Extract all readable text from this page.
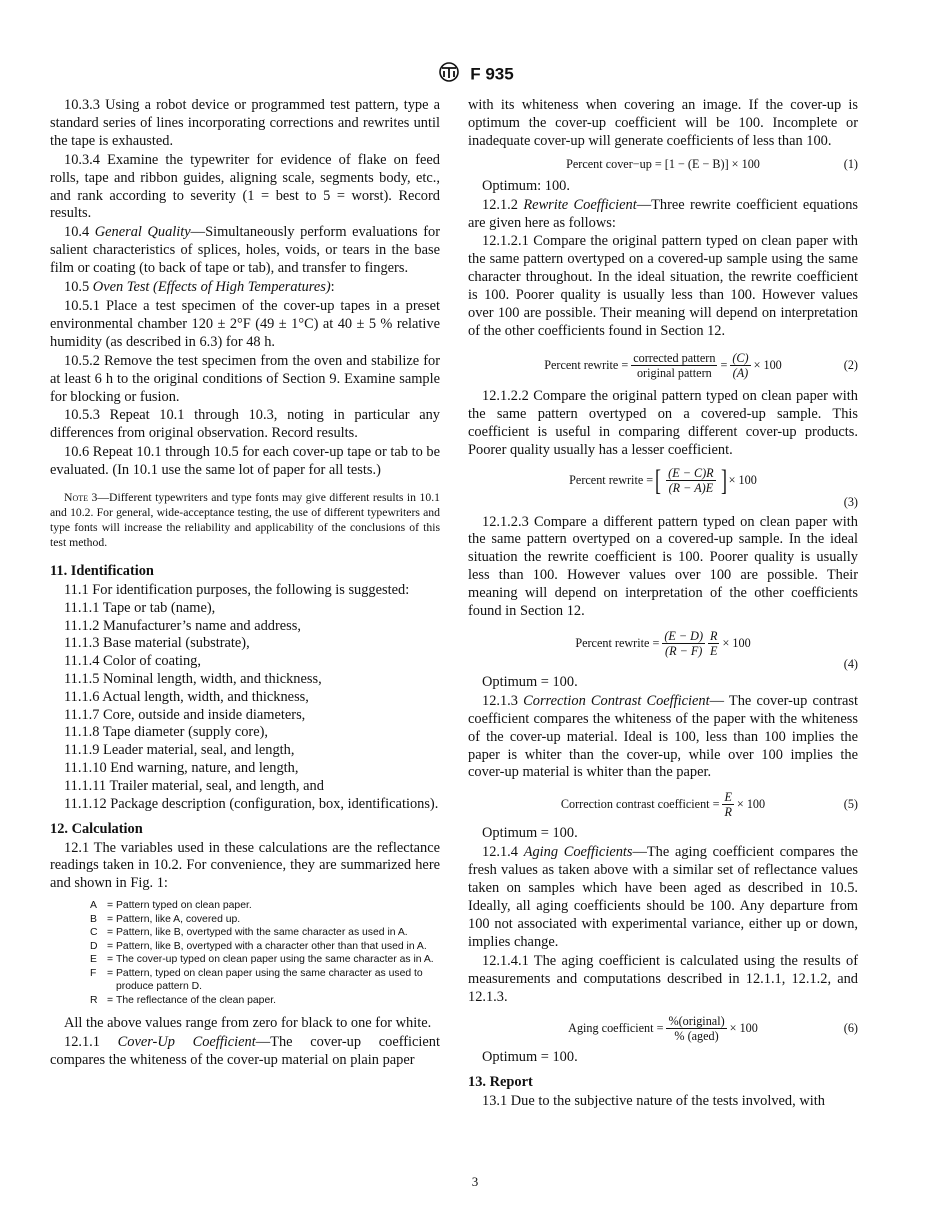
F 935

10.3.3 Using a robot device or programmed test pattern, type a standard series of lines incorporating corrections and rewrites until the tape is exhausted.

10.3.4 Examine the typewriter for evidence of flake on feed rolls, tape and ribbon guides, aligning scale, segments body, etc., and rank according to severity (1 = best to 5 = worst). Record results.

10.4 General Quality—Simultaneously perform evaluations for salient characteristics of splices, holes, voids, or tears in the base film or coating (to back of tape or tab), and transfer to fingers.

10.5 Oven Test (Effects of High Temperatures):

10.5.1 Place a test specimen of the cover-up tapes in a preset environmental chamber 120 ± 2°F (49 ± 1°C) at 40 ± 5 % relative humidity (as described in 6.3) for 48 h.

10.5.2 Remove the test specimen from the oven and stabilize for at least 6 h to the original conditions of Section 9. Examine sample for blocking or fusion.

10.5.3 Repeat 10.1 through 10.3, noting in particular any differences from original observation. Record results.

10.6 Repeat 10.1 through 10.5 for each cover-up tape or tab to be evaluated. (In 10.1 use the same lot of paper for all tests.)

Note 3—Different typewriters and type fonts may give different results in 10.1 and 10.2. For general, wide-acceptance testing, the use of different typewriters and type fonts will increase the reliability and applicability of the conclusions of this test method.

11. Identification
11.1 For identification purposes, the following is suggested:
11.1.1 Tape or tab (name),
11.1.2 Manufacturer’s name and address,
11.1.3 Base material (substrate),
11.1.4 Color of coating,
11.1.5 Nominal length, width, and thickness,
11.1.6 Actual length, width, and thickness,
11.1.7 Core, outside and inside diameters,
11.1.8 Tape diameter (supply core),
11.1.9 Leader material, seal, and length,
11.1.10 End warning, nature, and length,
11.1.11 Trailer material, seal, and length, and

11.1.12 Package description (configuration, box, identifications).

12. Calculation

12.1 The variables used in these calculations are the reflectance readings taken in 10.2. For convenience, they are summarized here and shown in Fig. 1:

A = Pattern typed on clean paper.
B = Pattern, like A, covered up.
C = Pattern, like B, overtyped with the same character as used in A.
D = Pattern, like B, overtyped with a character other than that used in A.
E = The cover-up typed on clean paper using the same character as in A.
F	= Pattern, typed on clean paper using the same character as used to produce pattern D.
R = The reflectance of the clean paper.

All the above values range from zero for black to one for white.

12.1.1 Cover-Up Coefficient—The cover-up coefficient compares the whiteness of the cover-up material on plain paper

with its whiteness when covering an image. If the cover-up is optimum the cover-up coefficient will be 100. Incomplete or inadequate cover-up will generate coefficients of less than 100.

Percent cover−up = [1 − (E − B)] × 100	(1)

Optimum: 100.

12.1.2 Rewrite Coefficient—Three rewrite coefficient equations are given here as follows:

12.1.2.1 Compare the original pattern typed on clean paper with the same pattern overtyped on a covered-up sample using the same character throughout. In the ideal situation, the rewrite coefficient is 100. Poorer quality is usually less than 100. However values over 100 are possible. Their meaning will depend on interpretation of the other coefficients found in Section 12.

Percent rewrite = $\frac{\text{corrected pattern}}{\text{original pattern}} = \frac{(C)}{(A)} \times 100$	(2)

12.1.2.2 Compare the original pattern typed on clean paper with the same pattern overtyped on a covered-up sample. This coefficient is useful in comparing different cover-up products. Poorer quality usually has a lesser coefficient.

Percent rewrite = [ $\frac{(E - C)R}{(R - A)E}$ ] × 100
(3)

12.1.2.3 Compare a different pattern typed on clean paper with the same pattern overtyped on a covered-up sample. In the ideal situation the rewrite coefficient is 100. Poorer quality is usually less than 100. However values over 100 are possible. Their meaning will depend on interpretation of the other coefficients found in Section 12.

Percent rewrite = $\frac{(E - D)}{(R - F)} \frac{R}{E} \times 100$
(4)

Optimum = 100.

12.1.3 Correction Contrast Coefficient— The cover-up contrast coefficient compares the whiteness of the paper with the whiteness of the cover-up material. Ideal is 100, less than 100 implies the paper is whiter than the cover-up, while over 100 implies the cover-up material is whiter than the paper.

Correction contrast coefficient = $\frac{E}{R} \times 100$	(5)

Optimum = 100.

12.1.4 Aging Coefficients—The aging coefficient compares the fresh values as taken above with a similar set of reflectance values taken on samples which have been aged as described in 10.5. Ideally, all aging coefficients should be 100. Any departure from 100 not associated with experimental variance, either up or down, implies change.

12.1.4.1 The aging coefficient is calculated using the results of measurements and computations described in 12.1.1, 12.1.2, and 12.1.3.

Aging coefficient = $\frac{\text{\%(original)}}{\text{\% (aged)}} \times 100$	(6)

Optimum = 100.

13. Report

13.1 Due to the subjective nature of the tests involved, with

3
